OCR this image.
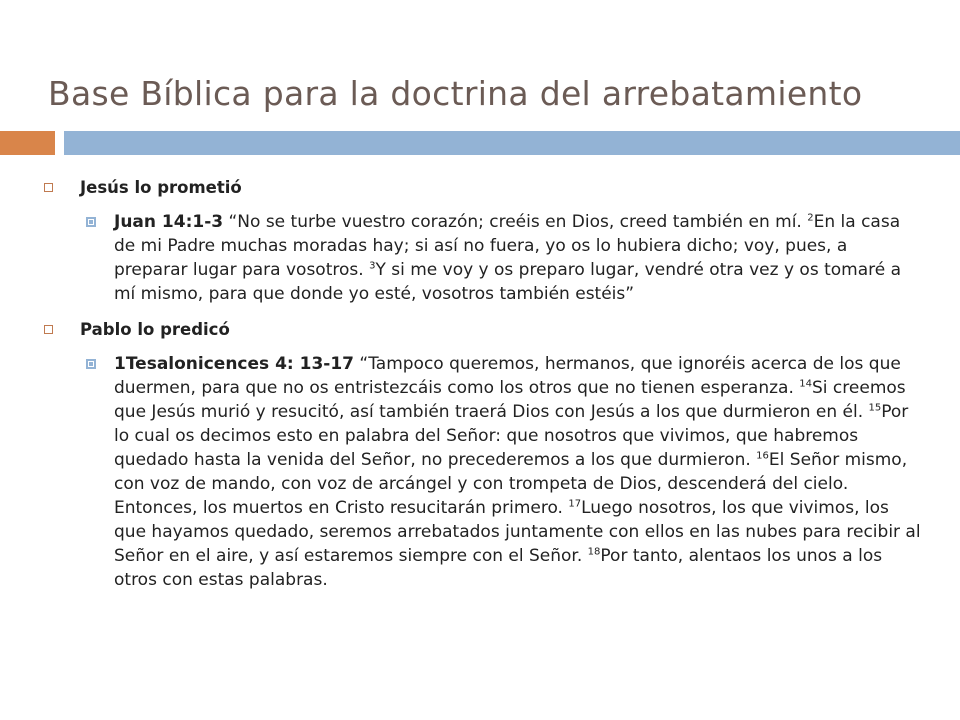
Base Bíblica para la doctrina del arrebatamiento
Jesús lo prometió
Juan 14:1-3 “No se turbe vuestro corazón; creéis en Dios, creed también en mí. $^2$En la casa de mi Padre muchas moradas hay; si así no fuera, yo os lo hubiera dicho; voy, pues, a preparar lugar para vosotros. $^3$Y si me voy y os preparo lugar, vendré otra vez y os tomaré a mí mismo, para que donde yo esté, vosotros también estéis”
Pablo lo predicó
1Tesalonicences 4: 13-17 “Tampoco queremos, hermanos, que ignoréis acerca de los que duermen, para que no os entristezcáis como los otros que no tienen esperanza. $^{14}$Si creemos que Jesús murió y resucitó, así también traerá Dios con Jesús a los que durmieron en él. $^{15}$Por lo cual os decimos esto en palabra del Señor: que nosotros que vivimos, que habremos quedado hasta la venida del Señor, no precederemos a los que durmieron. $^{16}$El Señor mismo, con voz de mando, con voz de arcángel y con trompeta de Dios, descenderá del cielo. Entonces, los muertos en Cristo resucitarán primero. $^{17}$Luego nosotros, los que vivimos, los que hayamos quedado, seremos arrebatados juntamente con ellos en las nubes para recibir al Señor en el aire, y así estaremos siempre con el Señor. $^{18}$Por tanto, alentaos los unos a los otros con estas palabras.
